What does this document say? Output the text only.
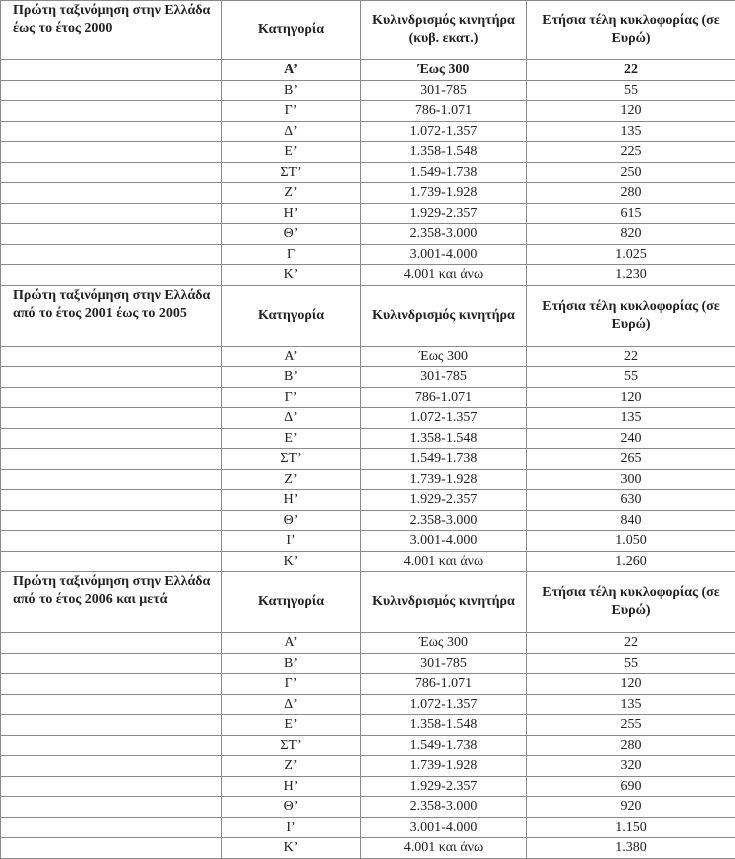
Πρώτη ταξινόμηση στην Ελλάδα έως το έτος 2000	Κατηγορία	Κυλινδρισμός κινητήρα (κυβ. εκατ.)	Ετήσια τέλη κυκλοφορίας (σε Ευρώ)
	Α’	Έως 300	22
	Β’	301-785	55
	Γ’	786-1.071	120
	Δ’	1.072-1.357	135
	Ε’	1.358-1.548	225
	ΣΤ’	1.549-1.738	250
	Ζ’	1.739-1.928	280
	Η’	1.929-2.357	615
	Θ’	2.358-3.000	820
	Γ	3.001-4.000	1.025
	Κ’	4.001 και άνω	1.230
Πρώτη ταξινόμηση στην Ελλάδα από το έτος 2001 έως το 2005	Κατηγορία	Κυλινδρισμός κινητήρα	Ετήσια τέλη κυκλοφορίας (σε Ευρώ)
	Α’	Έως 300	22
	Β’	301-785	55
	Γ’	786-1.071	120
	Δ’	1.072-1.357	135
	Ε’	1.358-1.548	240
	ΣΤ’	1.549-1.738	265
	Ζ’	1.739-1.928	300
	Η’	1.929-2.357	630
	Θ’	2.358-3.000	840
	Ι’	3.001-4.000	1.050
	Κ’	4.001 και άνω	1.260
Πρώτη ταξινόμηση στην Ελλάδα από το έτος 2006 και μετά	Κατηγορία	Κυλινδρισμός κινητήρα	Ετήσια τέλη κυκλοφορίας (σε Ευρώ)
	Α’	Έως 300	22
	Β’	301-785	55
	Γ’	786-1.071	120
	Δ’	1.072-1.357	135
	Ε’	1.358-1.548	255
	ΣΤ’	1.549-1.738	280
	Ζ’	1.739-1.928	320
	Η’	1.929-2.357	690
	Θ’	2.358-3.000	920
	Ι’	3.001-4.000	1.150
	Κ’	4.001 και άνω	1.380
